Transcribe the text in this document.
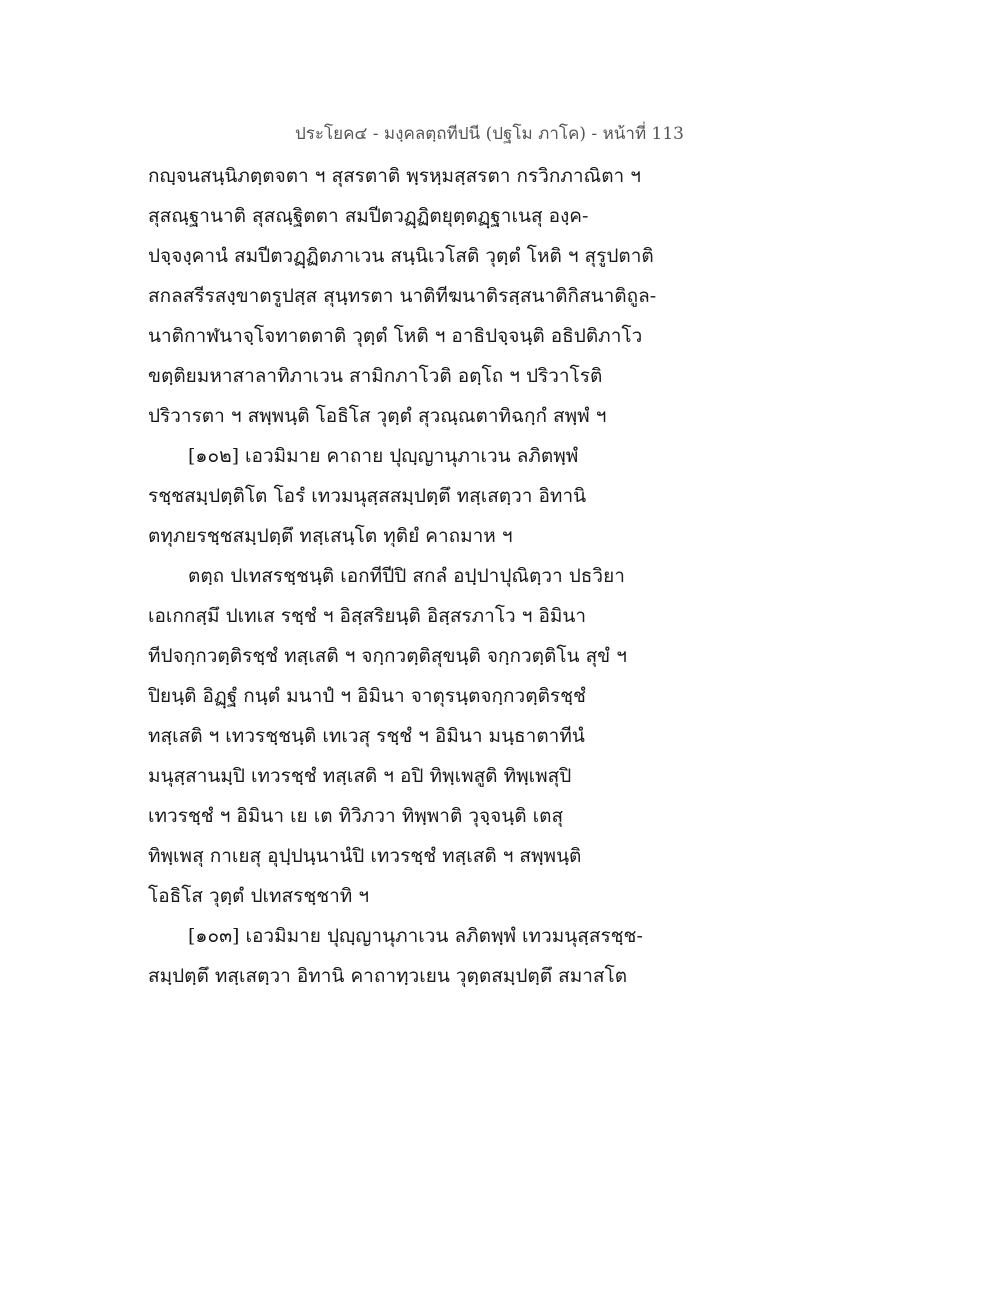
ประโยค๔ - มงฺคลตฺถทีปนี (ปฐโม ภาโค) - หน้าที่ 113
กญฺจนสนฺนิภตฺตจตา ฯ สุสรตาติ พฺรหฺมสฺสรตา กรวิกภาณิตา ฯ
สุสณฺฐานาติ สุสณฺฐิตตา สมปีตวฏฺฏิตยุตฺตฏฺฐาเนสุ องฺค-
ปจฺจงฺคานํ สมปีตวฏฺฏิตภาเวน สนฺนิเวโสติ วุตฺตํ โหติ ฯ สุรูปตาติ
สกลสรีรสงฺขาตรูปสฺส สุนฺทรตา นาติทีฆนาติรสฺสนาติกิสนาติถูล-
นาติกาฬนาจฺโจทาตตาติ วุตฺตํ โหติ ฯ อาธิปจฺจนฺติ อธิปติภาโว
ขตฺติยมหาสาลาทิภาเวน สามิกภาโวติ อตฺโถ ฯ ปริวาโรติ
ปริวารตา ฯ สพฺพนฺติ โอธิโส วุตฺตํ สุวณฺณตาทิฉกฺกํ สพฺพํ ฯ
[๑๐๒] เอวมิมาย คาถาย ปุญฺญานุภาเวน ลภิตพฺพํ
รชฺชสมฺปตฺติโต โอรํ เทวมนุสฺสสมฺปตฺตึ ทสฺเสตฺวา อิทานิ
ตทุภยรชฺชสมฺปตฺตึ ทสฺเสนฺโต ทุติยํ คาถมาห ฯ
ตตฺถ ปเทสรชฺชนฺติ เอกทีปีปิ สกลํ อปฺปาปุณิตฺวา ปธวิยา
เอเกกสฺมึ ปเทเส รชฺชํ ฯ อิสฺสริยนฺติ อิสฺสรภาโว ฯ อิมินา
ทีปจกฺกวตฺติรชฺชํ ทสฺเสติ ฯ จกฺกวตฺติสุขนฺติ จกฺกวตฺติโน สุขํ ฯ
ปิยนฺติ อิฏฺฐํ กนฺตํ มนาปํ ฯ อิมินา จาตุรนฺตจกฺกวตฺติรชฺชํ
ทสฺเสติ ฯ เทวรชฺชนฺติ เทเวสุ รชฺชํ ฯ อิมินา มนฺธาตาทีนํ
มนุสฺสานมฺปิ เทวรชฺชํ ทสฺเสติ ฯ อปิ ทิพฺเพสูติ ทิพฺเพสุปิ
เทวรชฺชํ ฯ อิมินา เย เต ทิวิภวา ทิพฺพาติ วุจฺจนฺติ เตสุ
ทิพฺเพสุ กาเยสุ อุปฺปนฺนานํปิ เทวรชฺชํ ทสฺเสติ ฯ สพฺพนฺติ
โอธิโส วุตฺตํ ปเทสรชฺชาทิ ฯ
[๑๐๓] เอวมิมาย ปุญฺญานุภาเวน ลภิตพฺพํ เทวมนุสฺสรชฺช-
สมฺปตฺตึ ทสฺเสตฺวา อิทานิ คาถาทฺวเยน วุตฺตสมฺปตฺตึ สมาสโต
